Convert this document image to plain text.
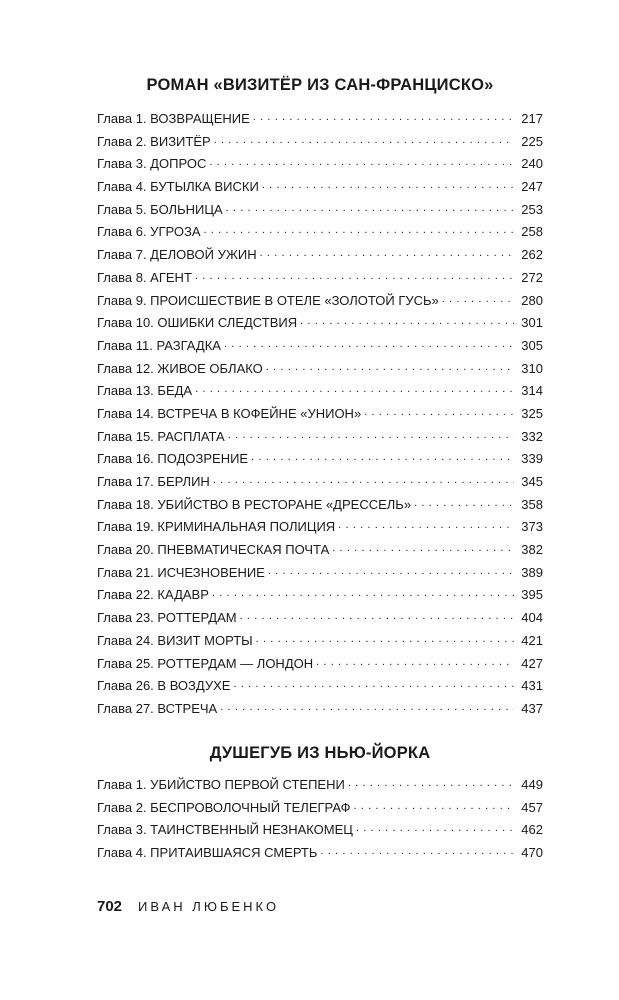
РОМАН «ВИЗИТЁР ИЗ САН-ФРАНЦИСКО»
Глава 1. ВОЗВРАЩЕНИЕ . . .	217
Глава 2. ВИЗИТЁР . . .	225
Глава 3. ДОПРОС . . .	240
Глава 4. БУТЫЛКА ВИСКИ . . .	247
Глава 5. БОЛЬНИЦА . . .	253
Глава 6. УГРОЗА . . .	258
Глава 7. ДЕЛОВОЙ УЖИН . . .	262
Глава 8. АГЕНТ . . .	272
Глава 9. ПРОИСШЕСТВИЕ В ОТЕЛЕ «ЗОЛОТОЙ ГУСЬ» . . .	280
Глава 10. ОШИБКИ СЛЕДСТВИЯ . . .	301
Глава 11. РАЗГАДКА . . .	305
Глава 12. ЖИВОЕ ОБЛАКО . . .	310
Глава 13. БЕДА . . .	314
Глава 14. ВСТРЕЧА В КОФЕЙНЕ «УНИОН» . . .	325
Глава 15. РАСПЛАТА . . .	332
Глава 16. ПОДОЗРЕНИЕ . . .	339
Глава 17. БЕРЛИН . . .	345
Глава 18. УБИЙСТВО В РЕСТОРАНЕ «ДРЕССЕЛЬ» . . .	358
Глава 19. КРИМИНАЛЬНАЯ ПОЛИЦИЯ . . .	373
Глава 20. ПНЕВМАТИЧЕСКАЯ ПОЧТА . . .	382
Глава 21. ИСЧЕЗНОВЕНИЕ . . .	389
Глава 22. КАДАВР . . .	395
Глава 23. РОТТЕРДАМ . . .	404
Глава 24. ВИЗИТ МОРТЫ . . .	421
Глава 25. РОТТЕРДАМ — ЛОНДОН . . .	427
Глава 26. В ВОЗДУХЕ . . .	431
Глава 27. ВСТРЕЧА . . .	437
ДУШЕГУБ ИЗ НЬЮ-ЙОРКА
Глава 1. УБИЙСТВО ПЕРВОЙ СТЕПЕНИ . . .	449
Глава 2. БЕСПРОВОЛОЧНЫЙ ТЕЛЕГРАФ . . .	457
Глава 3. ТАИНСТВЕННЫЙ НЕЗНАКОМЕЦ . . .	462
Глава 4. ПРИТАИВШАЯСЯ СМЕРТЬ . . .	470
702 ИВАН ЛЮБЕНКО
